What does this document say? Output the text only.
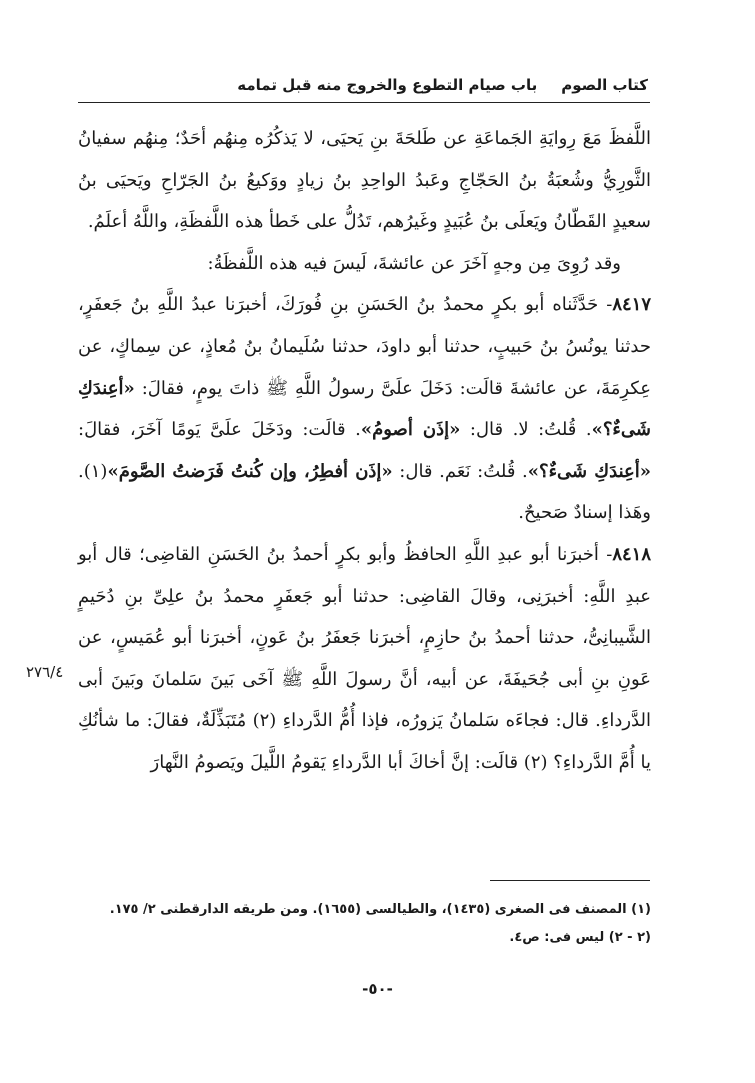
كتاب الصوم
باب صيام التطوع والخروج منه قبل تمامه

اللَّفظَ مَعَ رِوايَةِ الجَماعَةِ عن طَلحَةَ بنِ يَحيَى، لا يَذكُرُه مِنهُم أحَدٌ؛ مِنهُم سفيانُ الثَّورِيُّ وشُعبَةُ بنُ الحَجّاجِ وعَبدُ الواحِدِ بنُ زيادٍ ووَكيعُ بنُ الجَرّاحِ ويَحيَى بنُ سعيدٍ القَطّانُ ويَعلَى بنُ عُبَيدٍ وغَيرُهم، تَدُلُّ على خَطأ هذه اللَّفظَةِ، واللَّهُ أعلَمُ.

وقد رُوِىَ مِن وجهٍ آخَرَ عن عائشةَ، لَيسَ فيه هذه اللَّفظَةُ:

٨٤١٧- حَدَّثَناه أبو بكرٍ محمدُ بنُ الحَسَنِ بنِ فُورَكَ، أخبرَنا عبدُ اللَّهِ بنُ جَعفَرٍ، حدثنا يونُسُ بنُ حَبيبٍ، حدثنا أبو داودَ، حدثنا سُلَيمانُ بنُ مُعاذٍ، عن سِماكٍ، عن عِكرِمَةَ، عن عائشةَ قالَت: دَخَلَ علَىَّ رسولُ اللَّهِ ﷺ ذاتَ يومٍ، فقالَ: «أعِندَكِ شَىءٌ؟». قُلتُ: لا. قال: «إذَن أصومُ». قالَت: ودَخَلَ علَىَّ يَومًا آخَرَ، فقالَ: «أعِندَكِ شَىءٌ؟». قُلتُ: نَعَم. قال: «إذَن أفطِرُ، وإن كُنتُ فَرَضتُ الصَّومَ»(١). وهَذا إسنادٌ صَحيحٌ.

٨٤١٨- أخبرَنا أبو عبدِ اللَّهِ الحافظُ وأبو بكرٍ أحمدُ بنُ الحَسَنِ القاضِى؛ قال أبو عبدِ اللَّهِ: أخبرَنِى، وقالَ القاضِى: حدثنا أبو جَعفَرٍ محمدُ بنُ علِىِّ بنِ دُحَيمٍ الشَّيبانِىُّ، حدثنا أحمدُ بنُ حازِمٍ، أخبرَنا جَعفَرُ بنُ عَونٍ، أخبرَنا أبو عُمَيسٍ، عن عَونِ بنِ أبى جُحَيفَةَ، عن أبيه، أنَّ رسولَ اللَّهِ ﷺ آخَى بَينَ سَلمانَ وبَينَ أبى الدَّرداءِ. قال: فجاءَه سَلمانُ يَزورُه، فإذا أُمُّ الدَّرداءِ (٢) مُتَبَذِّلَةٌ، فقالَ: ما شأنُكِ يا أُمَّ الدَّرداءِ؟ (٢) قالَت: إنَّ أخاكَ أبا الدَّرداءِ يَقومُ اللَّيلَ ويَصومُ النَّهارَ

٢٧٦/٤
(١) المصنف فى الصغرى (١٤٣٥)، والطيالسى (١٦٥٥). ومن طريقه الدارقطنى ٢/ ١٧٥.
(٢ - ٢) ليس فى: ص٤.
-٥٠-
